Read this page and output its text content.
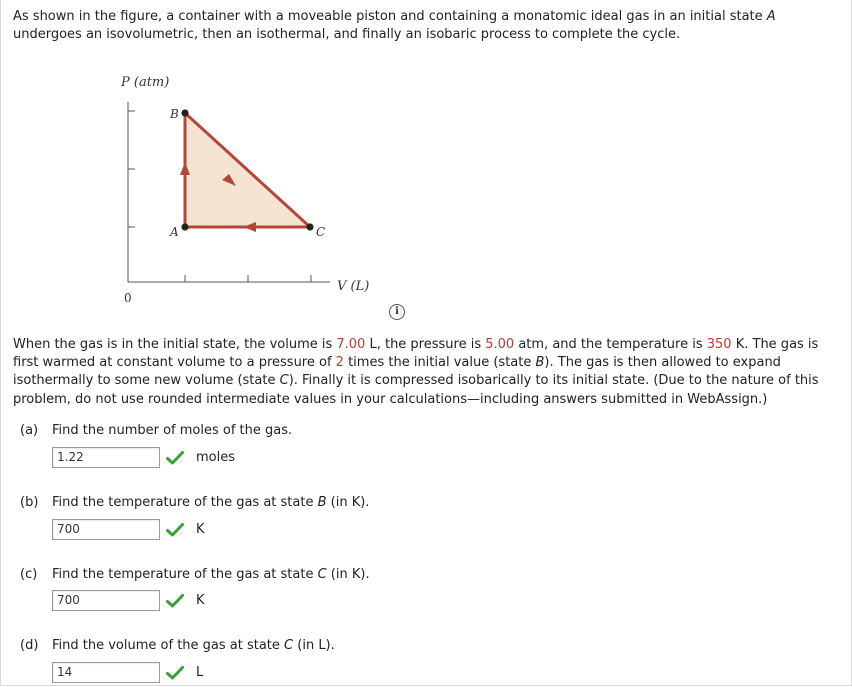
As shown in the figure, a container with a moveable piston and containing a monatomic ideal gas in an initial state A
undergoes an isovolumetric, then an isothermal, and finally an isobaric process to complete the cycle.
P (atm)
V (L)
0
B
A	C
i
When the gas is in the initial state, the volume is 7.00 L, the pressure is 5.00 atm, and the temperature is 350 K. The gas is first warmed at constant volume to a pressure of 2 times the initial value (state B). The gas is then allowed to expand isothermally to some new volume (state C). Finally it is compressed isobarically to its initial state. (Due to the nature of this problem, do not use rounded intermediate values in your calculations—including answers submitted in WebAssign.)
(a) Find the number of moles of the gas.
1.22	moles
(b) Find the temperature of the gas at state B (in K).
700	K
(c) Find the temperature of the gas at state C (in K).
700	K
(d) Find the volume of the gas at state C (in L).
14	L
